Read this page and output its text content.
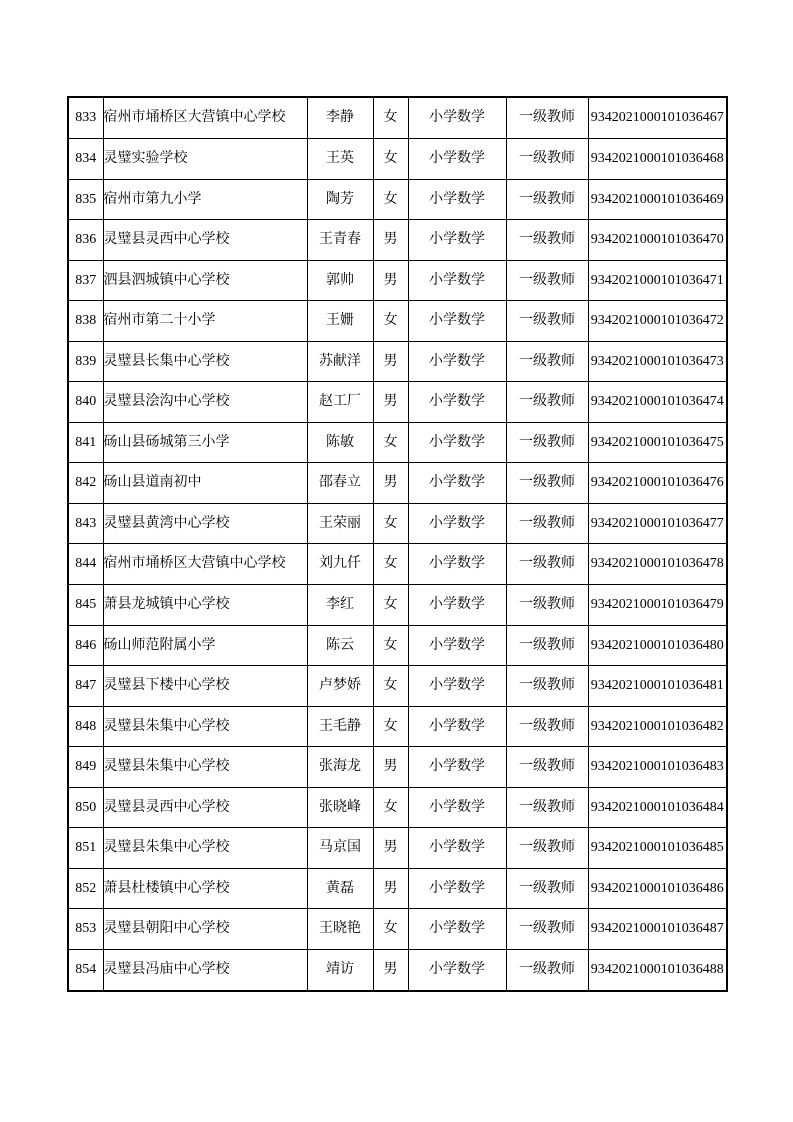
833	宿州市埇桥区大营镇中心学校	李静	女	小学数学	一级教师	9342021000101036467
834	灵璧实验学校	王英	女	小学数学	一级教师	9342021000101036468
835	宿州市第九小学	陶芳	女	小学数学	一级教师	9342021000101036469
836	灵璧县灵西中心学校	王青春	男	小学数学	一级教师	9342021000101036470
837	泗县泗城镇中心学校	郭帅	男	小学数学	一级教师	9342021000101036471
838	宿州市第二十小学	王姗	女	小学数学	一级教师	9342021000101036472
839	灵璧县长集中心学校	苏献洋	男	小学数学	一级教师	9342021000101036473
840	灵璧县浍沟中心学校	赵工厂	男	小学数学	一级教师	9342021000101036474
841	砀山县砀城第三小学	陈敏	女	小学数学	一级教师	9342021000101036475
842	砀山县道南初中	邵春立	男	小学数学	一级教师	9342021000101036476
843	灵璧县黄湾中心学校	王荣丽	女	小学数学	一级教师	9342021000101036477
844	宿州市埇桥区大营镇中心学校	刘九仟	女	小学数学	一级教师	9342021000101036478
845	萧县龙城镇中心学校	李红	女	小学数学	一级教师	9342021000101036479
846	砀山师范附属小学	陈云	女	小学数学	一级教师	9342021000101036480
847	灵璧县下楼中心学校	卢梦娇	女	小学数学	一级教师	9342021000101036481
848	灵璧县朱集中心学校	王毛静	女	小学数学	一级教师	9342021000101036482
849	灵璧县朱集中心学校	张海龙	男	小学数学	一级教师	9342021000101036483
850	灵璧县灵西中心学校	张晓峰	女	小学数学	一级教师	9342021000101036484
851	灵璧县朱集中心学校	马京国	男	小学数学	一级教师	9342021000101036485
852	萧县杜楼镇中心学校	黄磊	男	小学数学	一级教师	9342021000101036486
853	灵璧县朝阳中心学校	王晓艳	女	小学数学	一级教师	9342021000101036487
854	灵璧县冯庙中心学校	靖访	男	小学数学	一级教师	9342021000101036488
